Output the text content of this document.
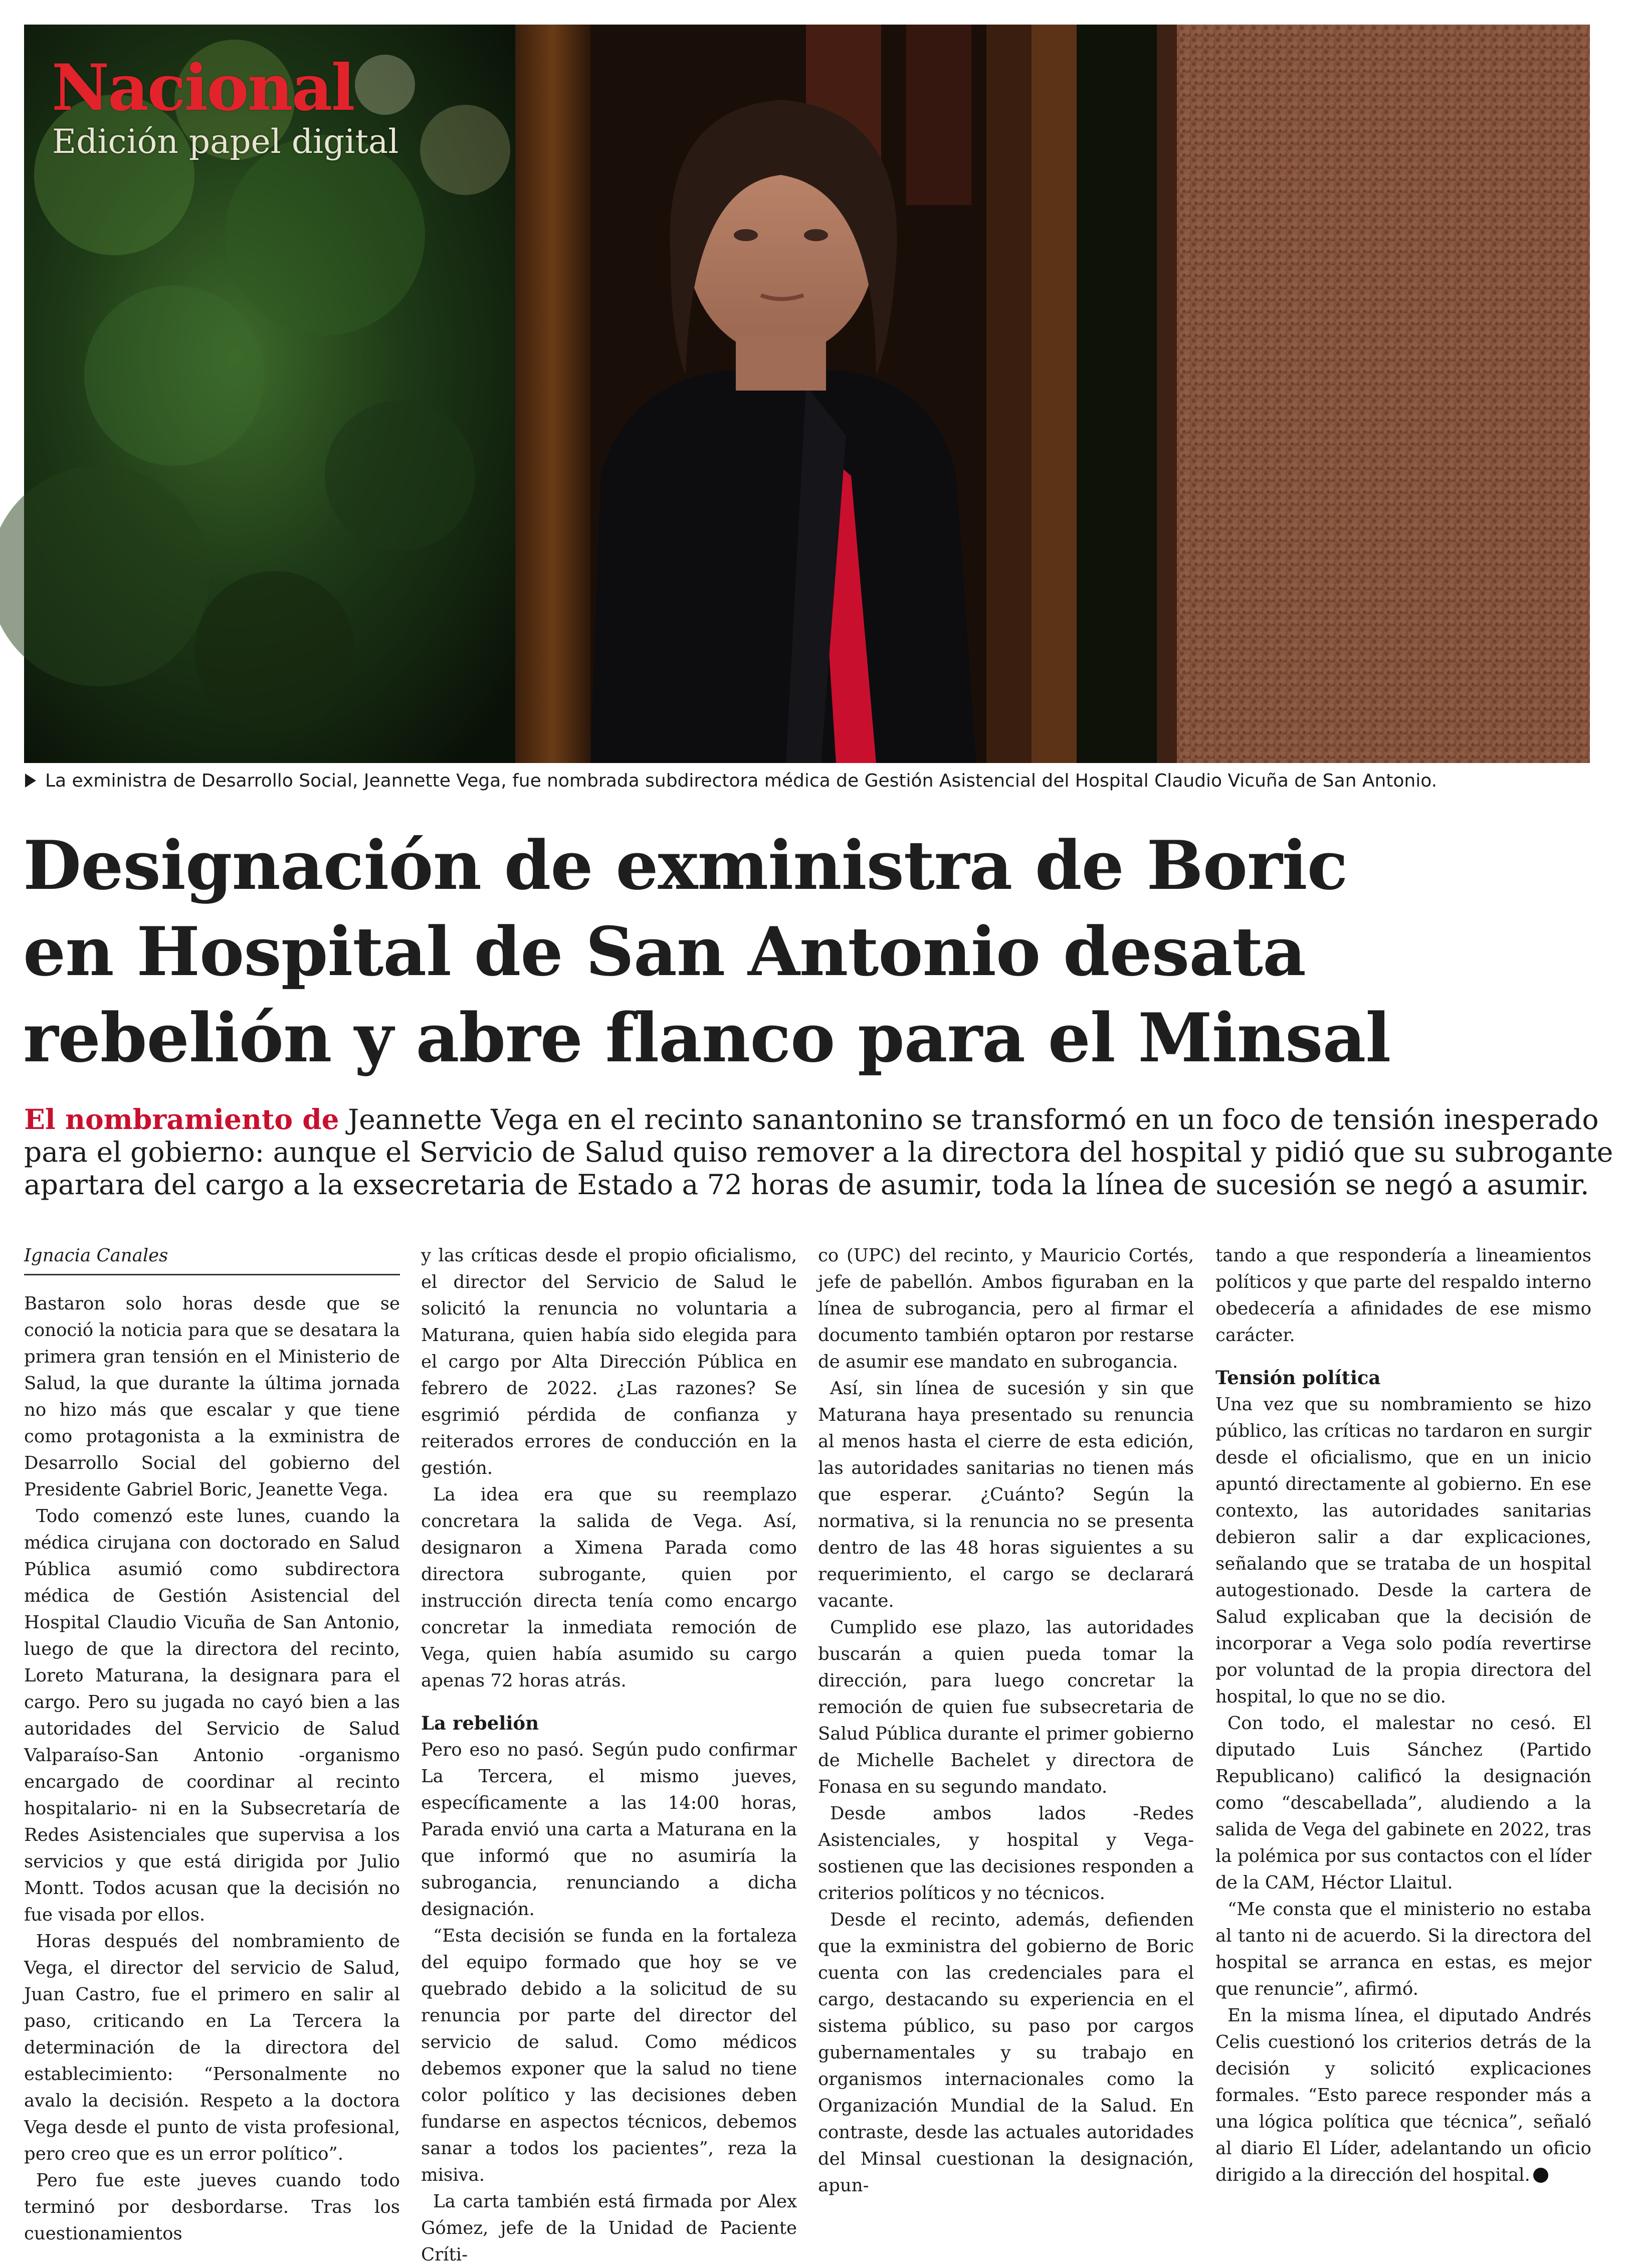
Nacional
Edición papel digital
La exministra de Desarrollo Social, Jeannette Vega, fue nombrada subdirectora médica de Gestión Asistencial del Hospital Claudio Vicuña de San Antonio.
Designación de exministra de Boric
en Hospital de San Antonio desata
rebelión y abre flanco para el Minsal
El nombramiento de Jeannette Vega en el recinto sanantonino se transformó en un foco de tensión inesperado
para el gobierno: aunque el Servicio de Salud quiso remover a la directora del hospital y pidió que su subrogante
apartara del cargo a la exsecretaria de Estado a 72 horas de asumir, toda la línea de sucesión se negó a asumir.
Ignacia Canales

Bastaron solo horas desde que se conoció la noticia para que se desatara la primera gran tensión en el Ministerio de Salud, la que durante la última jornada no hizo más que escalar y que tiene como protagonista a la exministra de Desarrollo Social del gobierno del Presidente Gabriel Boric, Jeanette Vega.

Todo comenzó este lunes, cuando la médica cirujana con doctorado en Salud Pública asumió como subdirectora médica de Gestión Asistencial del Hospital Claudio Vicuña de San Antonio, luego de que la directora del recinto, Loreto Maturana, la designara para el cargo. Pero su jugada no cayó bien a las autoridades del Servicio de Salud Valparaíso-San Antonio -organismo encargado de coordinar al recinto hospitalario- ni en la Subsecretaría de Redes Asistenciales que supervisa a los servicios y que está dirigida por Julio Montt. Todos acusan que la decisión no fue visada por ellos.

Horas después del nombramiento de Vega, el director del servicio de Salud, Juan Castro, fue el primero en salir al paso, criticando en La Tercera la determinación de la directora del establecimiento: “Personalmente no avalo la decisión. Respeto a la doctora Vega desde el punto de vista profesional, pero creo que es un error político”.

Pero fue este jueves cuando todo terminó por desbordarse. Tras los cuestionamientos

y las críticas desde el propio oficialismo, el director del Servicio de Salud le solicitó la renuncia no voluntaria a Maturana, quien había sido elegida para el cargo por Alta Dirección Pública en febrero de 2022. ¿Las razones? Se esgrimió pérdida de confianza y reiterados errores de conducción en la gestión.

La idea era que su reemplazo concretara la salida de Vega. Así, designaron a Ximena Parada como directora subrogante, quien por instrucción directa tenía como encargo concretar la inmediata remoción de Vega, quien había asumido su cargo apenas 72 horas atrás.

La rebelión

Pero eso no pasó. Según pudo confirmar La Tercera, el mismo jueves, específicamente a las 14:00 horas, Parada envió una carta a Maturana en la que informó que no asumiría la subrogancia, renunciando a dicha designación.

“Esta decisión se funda en la fortaleza del equipo formado que hoy se ve quebrado debido a la solicitud de su renuncia por parte del director del servicio de salud. Como médicos debemos exponer que la salud no tiene color político y las decisiones deben fundarse en aspectos técnicos, debemos sanar a todos los pacientes”, reza la misiva.

La carta también está firmada por Alex Gómez, jefe de la Unidad de Paciente Críti-

co (UPC) del recinto, y Mauricio Cortés, jefe de pabellón. Ambos figuraban en la línea de subrogancia, pero al firmar el documento también optaron por restarse de asumir ese mandato en subrogancia.

Así, sin línea de sucesión y sin que Maturana haya presentado su renuncia al menos hasta el cierre de esta edición, las autoridades sanitarias no tienen más que esperar. ¿Cuánto? Según la normativa, si la renuncia no se presenta dentro de las 48 horas siguientes a su requerimiento, el cargo se declarará vacante.

Cumplido ese plazo, las autoridades buscarán a quien pueda tomar la dirección, para luego concretar la remoción de quien fue subsecretaria de Salud Pública durante el primer gobierno de Michelle Bachelet y directora de Fonasa en su segundo mandato.

Desde ambos lados -Redes Asistenciales, y hospital y Vega- sostienen que las decisiones responden a criterios políticos y no técnicos.

Desde el recinto, además, defienden que la exministra del gobierno de Boric cuenta con las credenciales para el cargo, destacando su experiencia en el sistema público, su paso por cargos gubernamentales y su trabajo en organismos internacionales como la Organización Mundial de la Salud. En contraste, desde las actuales autoridades del Minsal cuestionan la designación, apun-

tando a que respondería a lineamientos políticos y que parte del respaldo interno obedecería a afinidades de ese mismo carácter.

Tensión política

Una vez que su nombramiento se hizo público, las críticas no tardaron en surgir desde el oficialismo, que en un inicio apuntó directamente al gobierno. En ese contexto, las autoridades sanitarias debieron salir a dar explicaciones, señalando que se trataba de un hospital autogestionado. Desde la cartera de Salud explicaban que la decisión de incorporar a Vega solo podía revertirse por voluntad de la propia directora del hospital, lo que no se dio.

Con todo, el malestar no cesó. El diputado Luis Sánchez (Partido Republicano) calificó la designación como “descabellada”, aludiendo a la salida de Vega del gabinete en 2022, tras la polémica por sus contactos con el líder de la CAM, Héctor Llaitul.

“Me consta que el ministerio no estaba al tanto ni de acuerdo. Si la directora del hospital se arranca en estas, es mejor que renuncie”, afirmó.

En la misma línea, el diputado Andrés Celis cuestionó los criterios detrás de la decisión y solicitó explicaciones formales. “Esto parece responder más a una lógica política que técnica”, señaló al diario El Líder, adelantando un oficio dirigido a la dirección del hospital.
